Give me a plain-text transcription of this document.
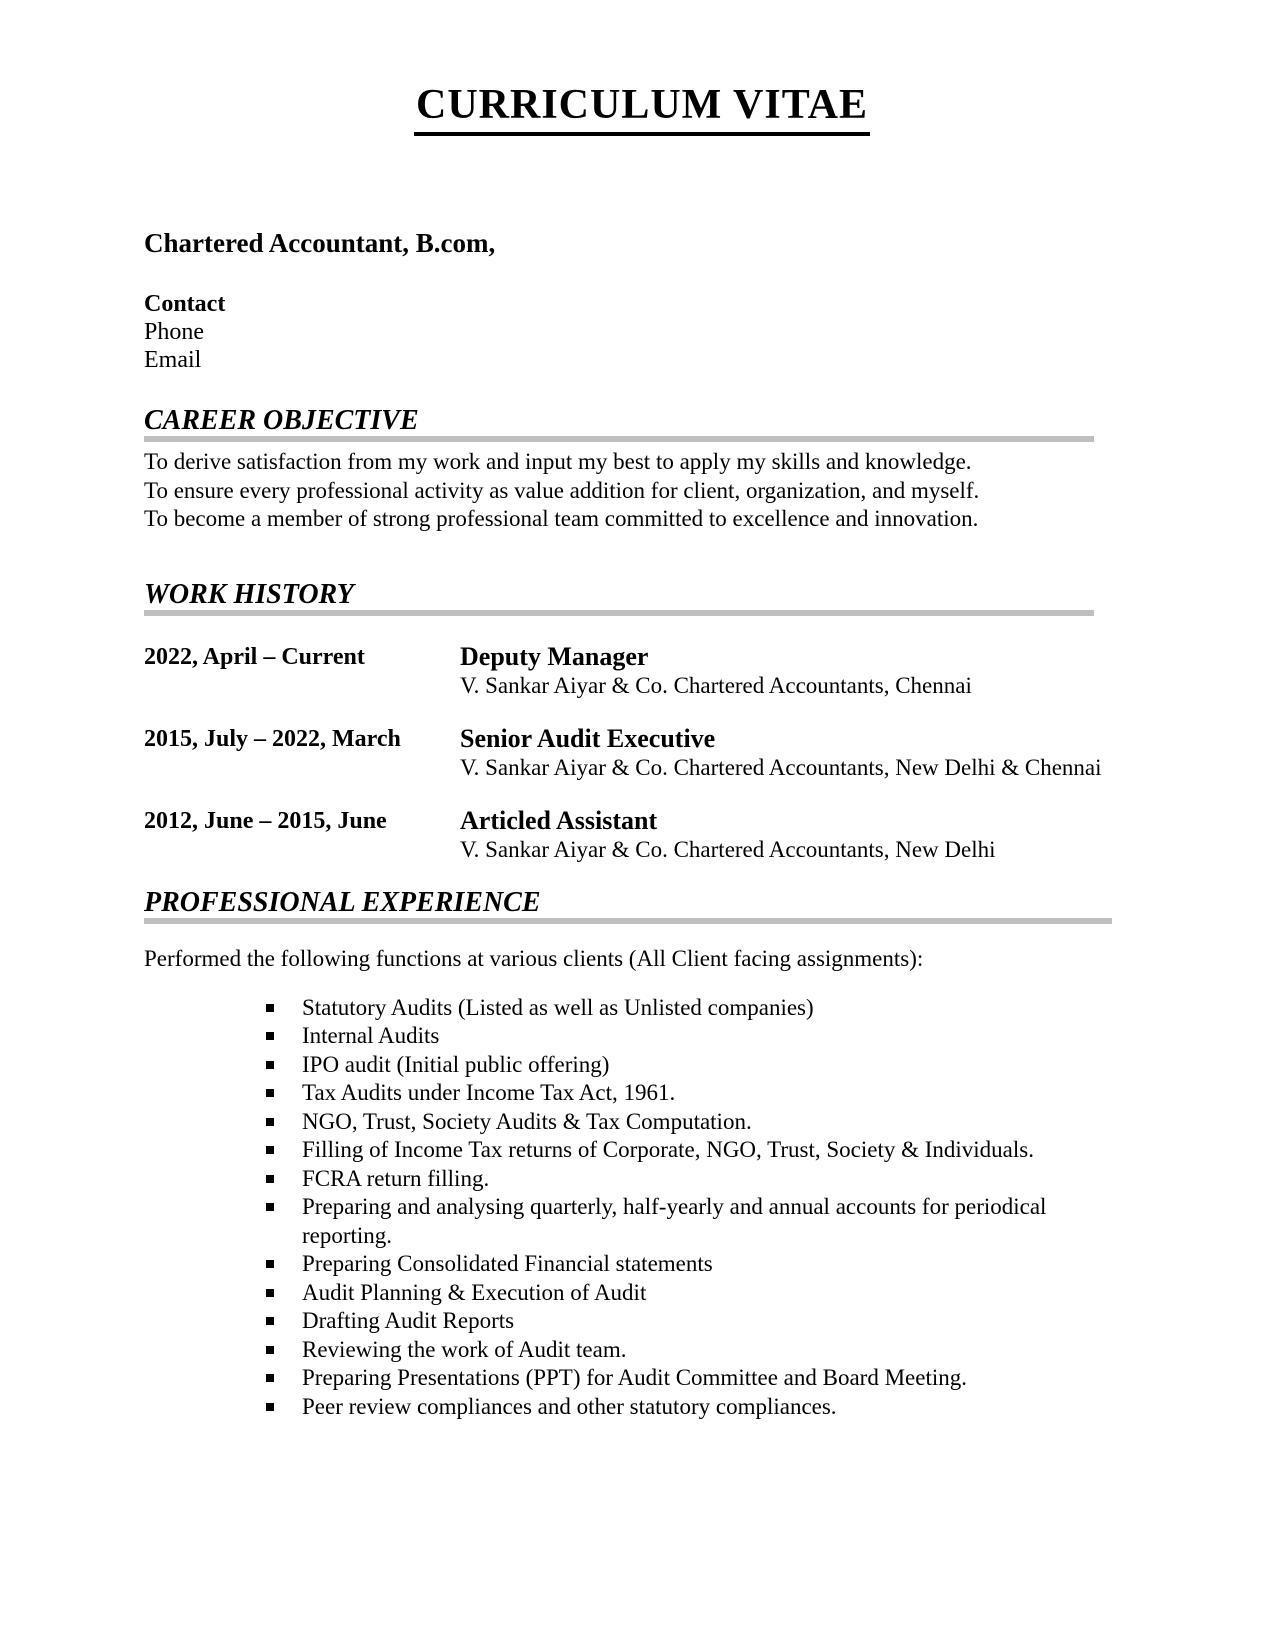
CURRICULUM VITAE
Chartered Accountant, B.com,
Contact
Phone
Email
CAREER OBJECTIVE
To derive satisfaction from my work and input my best to apply my skills and knowledge.
To ensure every professional activity as value addition for client, organization, and myself.
To become a member of strong professional team committed to excellence and innovation.
WORK HISTORY
2022, April – Current	Deputy Manager
V. Sankar Aiyar & Co. Chartered Accountants, Chennai
2015, July – 2022, March	Senior Audit Executive
V. Sankar Aiyar & Co. Chartered Accountants, New Delhi & Chennai
2012, June – 2015, June	Articled Assistant
V. Sankar Aiyar & Co. Chartered Accountants, New Delhi
PROFESSIONAL EXPERIENCE
Performed the following functions at various clients (All Client facing assignments):
Statutory Audits (Listed as well as Unlisted companies)
Internal Audits
IPO audit (Initial public offering)
Tax Audits under Income Tax Act, 1961.
NGO, Trust, Society Audits & Tax Computation.
Filling of Income Tax returns of Corporate, NGO, Trust, Society & Individuals.
FCRA return filling.
Preparing and analysing quarterly, half-yearly and annual accounts for periodical reporting.
Preparing Consolidated Financial statements
Audit Planning & Execution of Audit
Drafting Audit Reports
Reviewing the work of Audit team.
Preparing Presentations (PPT) for Audit Committee and Board Meeting.
Peer review compliances and other statutory compliances.
